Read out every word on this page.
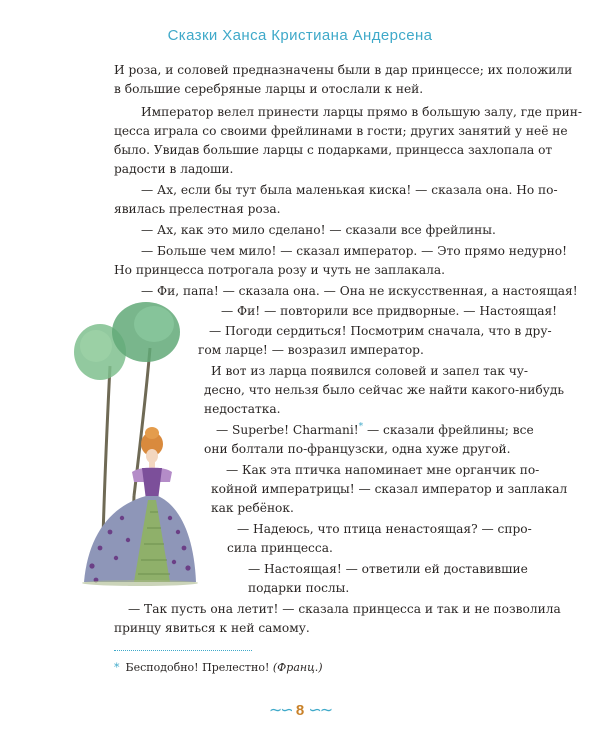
Сказки Ханса Кристиана Андерсена
И роза, и соловей предназначены были в дар принцессе; их положили
в большие серебряные ларцы и отослали к ней.
Император велел принести ларцы прямо в большую залу, где прин-
цесса играла со своими фрейлинами в гости; других занятий у неё не
было. Увидав большие ларцы с подарками, принцесса захлопала от
радости в ладоши.
— Ах, если бы тут была маленькая киска! — сказала она. Но по-
явилась прелестная роза.
— Ах, как это мило сделано! — сказали все фрейлины.
— Больше чем мило! — сказал император. — Это прямо недурно!
Но принцесса потрогала розу и чуть не заплакала.
— Фи, папа! — сказала она. — Она не искусственная, а настоящая!
— Фи! — повторили все придворные. — Настоящая!
— Погоди сердиться! Посмотрим сначала, что в дру-
гом ларце! — возразил император.
И вот из ларца появился соловей и запел так чу-
десно, что нельзя было сейчас же найти какого-нибудь
недостатка.
— Superbe! Charmani!* — сказали фрейлины; все
они болтали по-французски, одна хуже другой.
— Как эта птичка напоминает мне органчик по-
койной императрицы! — сказал император и заплакал
как ребёнок.
— Надеюсь, что птица ненастоящая? — спро-
сила принцесса.
— Настоящая! — ответили ей доставившие
подарки послы.
— Так пусть она летит! — сказала принцесса и так и не позволила
принцу явиться к ней самому.
* Бесподобно! Прелестно! (Франц.)
∼∽ 8 ∽∼
